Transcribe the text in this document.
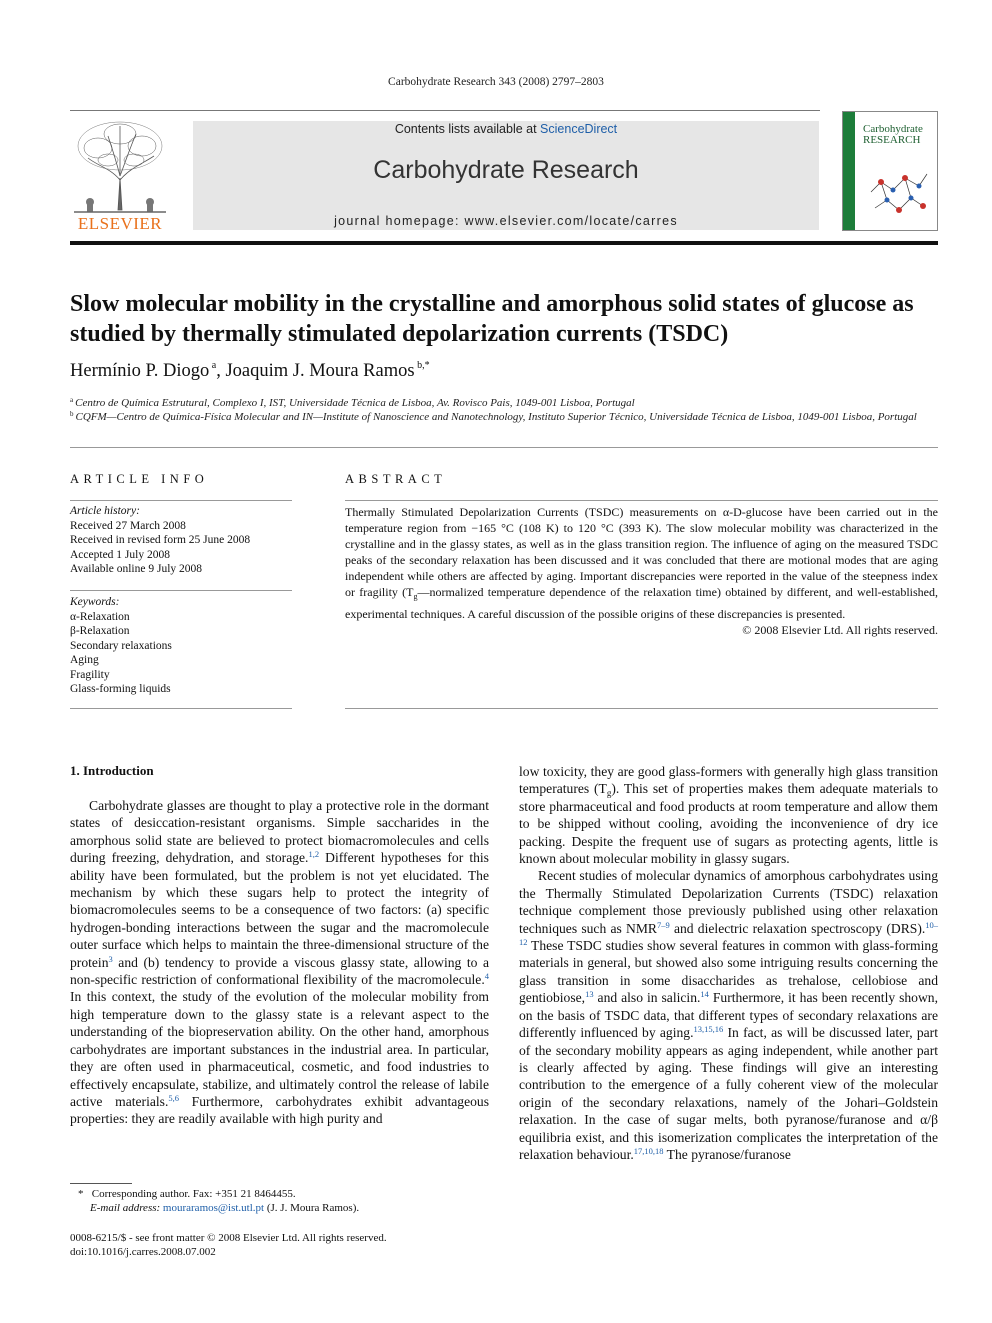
Carbohydrate Research 343 (2008) 2797–2803
ELSEVIER
Contents lists available at ScienceDirect
Carbohydrate Research
journal homepage: www.elsevier.com/locate/carres
Carbohydrate RESEARCH
Slow molecular mobility in the crystalline and amorphous solid states of glucose as studied by thermally stimulated depolarization currents (TSDC)
Hermínio P. Diogo $^a$, Joaquim J. Moura Ramos $^{b,*}$
$^a$ Centro de Química Estrutural, Complexo I, IST, Universidade Técnica de Lisboa, Av. Rovisco Pais, 1049-001 Lisboa, Portugal
$^b$ CQFM—Centro de Química-Física Molecular and IN—Institute of Nanoscience and Nanotechnology, Instituto Superior Técnico, Universidade Técnica de Lisboa, 1049-001 Lisboa, Portugal
ARTICLE INFO
Article history:
Received 27 March 2008
Received in revised form 25 June 2008
Accepted 1 July 2008
Available online 9 July 2008
Keywords:
α-Relaxation
β-Relaxation
Secondary relaxations
Aging
Fragility
Glass-forming liquids
ABSTRACT
Thermally Stimulated Depolarization Currents (TSDC) measurements on α-D-glucose have been carried out in the temperature region from −165 °C (108 K) to 120 °C (393 K). The slow molecular mobility was characterized in the crystalline and in the glassy states, as well as in the glass transition region. The influence of aging on the measured TSDC peaks of the secondary relaxation has been discussed and it was concluded that there are motional modes that are aging independent while others are affected by aging. Important discrepancies were reported in the value of the steepness index or fragility ($T_g—normalized$ temperature dependence of the relaxation time) obtained by different, and well-established, experimental techniques. A careful discussion of the possible origins of these discrepancies is presented.
© 2008 Elsevier Ltd. All rights reserved.
1. Introduction

Carbohydrate glasses are thought to play a protective role in the dormant states of desiccation-resistant organisms. Simple saccharides in the amorphous solid state are believed to protect biomacromolecules and cells during freezing, dehydration, and storage.$^{1,2}$ Different hypotheses for this ability have been formulated, but the problem is not yet elucidated. The mechanism by which these sugars help to protect the integrity of biomacromolecules seems to be a consequence of two factors: (a) specific hydrogen-bonding interactions between the sugar and the macromolecule outer surface which helps to maintain the three-dimensional structure of the protein$^3$ and (b) tendency to provide a viscous glassy state, allowing to a non-specific restriction of conformational flexibility of the macromolecule.$^4$ In this context, the study of the evolution of the molecular mobility from high temperature down to the glassy state is a relevant aspect to the understanding of the biopreservation ability. On the other hand, amorphous carbohydrates are important substances in the industrial area. In particular, they are often used in pharmaceutical, cosmetic, and food industries to effectively encapsulate, stabilize, and ultimately control the release of labile active materials.$^{5,6}$ Furthermore, carbohydrates exhibit advantageous properties: they are readily available with high purity and

low toxicity, they are good glass-formers with generally high glass transition temperatures $(T_g)$. This set of properties makes them adequate materials to store pharmaceutical and food products at room temperature and allow them to be shipped without cooling, avoiding the inconvenience of dry ice packing. Despite the frequent use of sugars as protecting agents, little is known about molecular mobility in glassy sugars.

Recent studies of molecular dynamics of amorphous carbohydrates using the Thermally Stimulated Depolarization Currents (TSDC) relaxation technique complement those previously published using other relaxation techniques such as NMR$^{7-9}$ and dielectric relaxation spectroscopy (DRS).$^{10-12}$ These TSDC studies show several features in common with glass-forming materials in general, but showed also some intriguing results concerning the glass transition in some disaccharides as trehalose, cellobiose and gentiobiose,$^{13}$ and also in salicin.$^{14}$ Furthermore, it has been recently shown, on the basis of TSDC data, that different types of secondary relaxations are differently influenced by aging.$^{13,15,16}$ In fact, as will be discussed later, part of the secondary mobility appears as aging independent, while another part is clearly affected by aging. These findings will give an interesting contribution to the emergence of a fully coherent view of the molecular origin of the secondary relaxations, namely of the Johari–Goldstein relaxation. In the case of sugar melts, both pyranose/furanose and α/β equilibria exist, and this isomerization complicates the interpretation of the relaxation behaviour.$^{17,10,18}$ The pyranose/furanose

* Corresponding author. Fax: +351 21 8464455.
E-mail address: mouraramos@ist.utl.pt (J. J. Moura Ramos).
0008-6215/$ - see front matter © 2008 Elsevier Ltd. All rights reserved.
doi:10.1016/j.carres.2008.07.002
